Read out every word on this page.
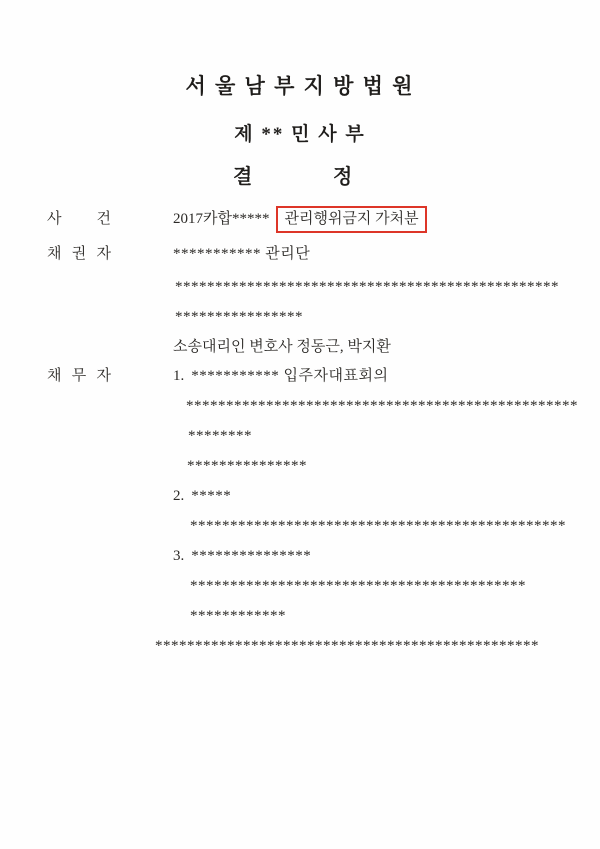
서 울 남 부 지 방 법 원
제 ** 민 사 부
결	정
사 건	2017카합*****	관리행위금지 가처분
채 권 자	*********** 관리단
************************************************
****************
소송대리인 변호사 정동근, 박지환
채 무 자	1. *********** 입주자대표회의
*************************************************
********
***************
2. *****
***********************************************
3. ***************
******************************************
************
************************************************
